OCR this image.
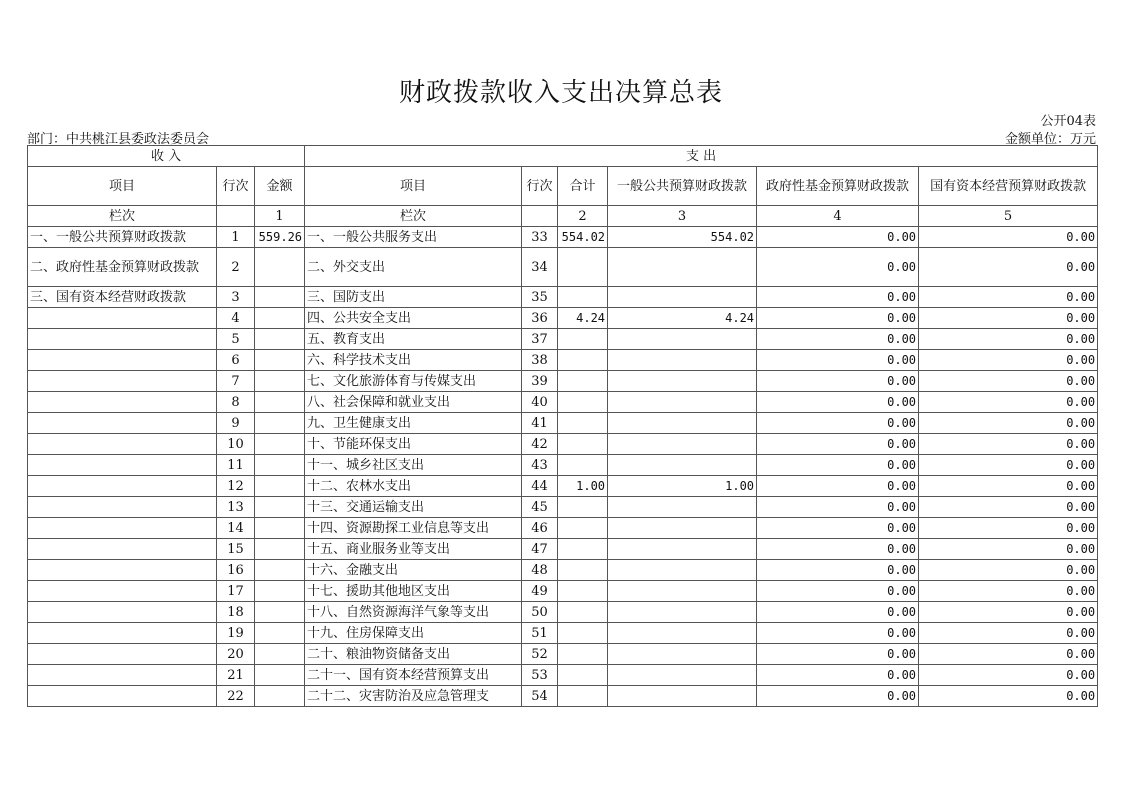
财政拨款收入支出决算总表
公开04表
部门：中共桃江县委政法委员会	金额单位：万元
收 入			支 出					
项目	行次	金额	项目	行次	合计	一般公共预算财政拨款	政府性基金预算财政拨款	国有资本经营预算财政拨款
栏次		1	栏次		2	3	4	5
一、一般公共预算财政拨款	1	559.26	一、一般公共服务支出	33	554.02	554.02	0.00	0.00
二、政府性基金预算财政拨款	2		二、外交支出	34			0.00	0.00
三、国有资本经营财政拨款	3		三、国防支出	35			0.00	0.00
	4		四、公共安全支出	36	4.24	4.24	0.00	0.00
	5		五、教育支出	37			0.00	0.00
	6		六、科学技术支出	38			0.00	0.00
	7		七、文化旅游体育与传媒支出	39			0.00	0.00
	8		八、社会保障和就业支出	40			0.00	0.00
	9		九、卫生健康支出	41			0.00	0.00
	10		十、节能环保支出	42			0.00	0.00
	11		十一、城乡社区支出	43			0.00	0.00
	12		十二、农林水支出	44	1.00	1.00	0.00	0.00
	13		十三、交通运输支出	45			0.00	0.00
	14		十四、资源勘探工业信息等支出	46			0.00	0.00
	15		十五、商业服务业等支出	47			0.00	0.00
	16		十六、金融支出	48			0.00	0.00
	17		十七、援助其他地区支出	49			0.00	0.00
	18		十八、自然资源海洋气象等支出	50			0.00	0.00
	19		十九、住房保障支出	51			0.00	0.00
	20		二十、粮油物资储备支出	52			0.00	0.00
	21		二十一、国有资本经营预算支出	53			0.00	0.00
	22		二十二、灾害防治及应急管理支	54			0.00	0.00
